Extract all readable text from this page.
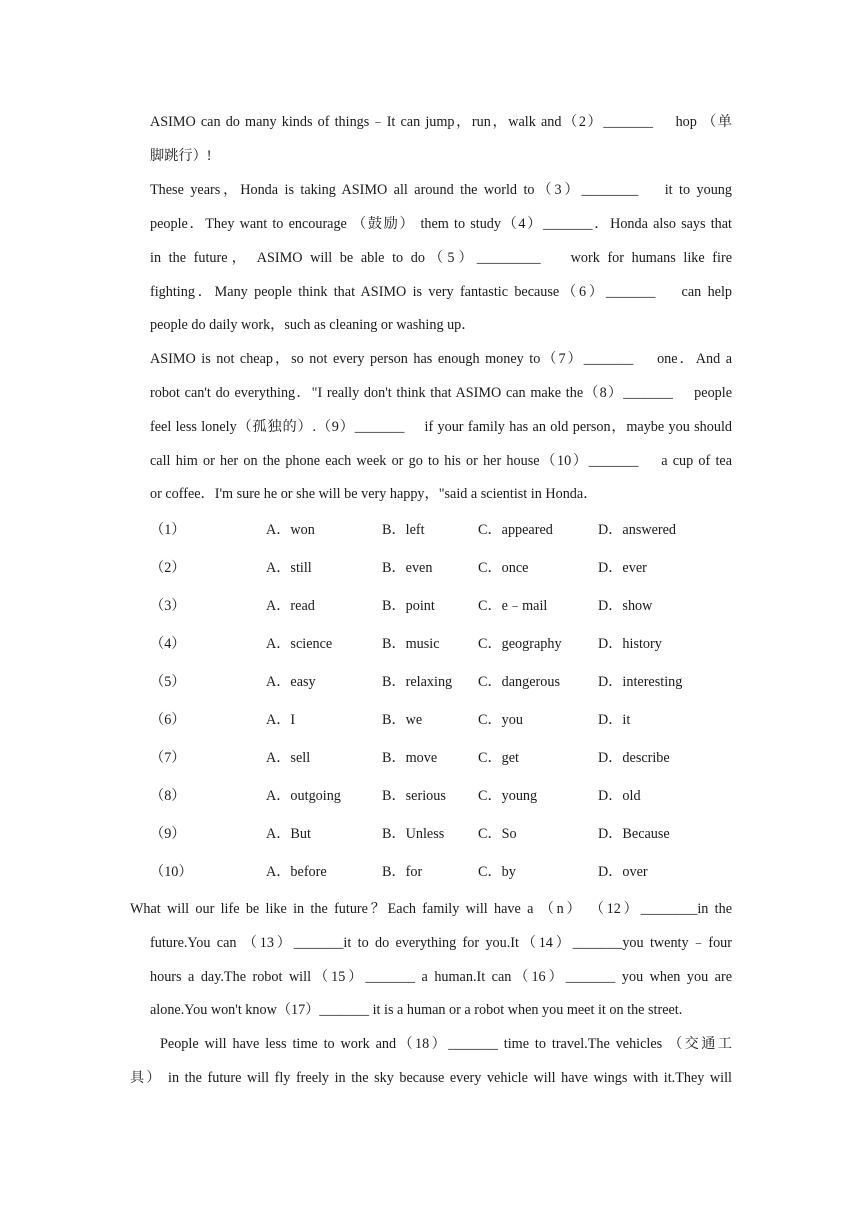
ASIMO can do many kinds of things﹣It can jump，run，walk and（2）_______　 hop （单
脚跳行）!
These years，Honda is taking ASIMO all around the world to（3）________　 it to young
people．They want to encourage （鼓励） them to study（4）_______．Honda also says that
in the future， ASIMO will be able to do（5）_________　 work for humans like fire
fighting．Many people think that ASIMO is very fantastic because（6）_______　 can help
people do daily work，such as cleaning or washing up．
ASIMO is not cheap，so not every person has enough money to（7）_______　 one．And a
robot can't do everything．"I really don't think that ASIMO can make the（8）_______　 people
feel less lonely（孤独的）.（9）_______　 if your family has an old person，maybe you should
call him or her on the phone each week or go to his or her house（10）_______　 a cup of tea
or coffee．I'm sure he or she will be very happy，"said a scientist in Honda．
（1）	A．won	B．left	C．appeared	D．answered
（2）	A．still	B．even	C．once	D．ever
（3）	A．read	B．point	C．e﹣mail	D．show
（4）	A．science	B．music	C．geography	D．history
（5）	A．easy	B．relaxing C．dangerous	D．interesting
（6）	A．I	B．we	C．you	D．it
（7）	A．sell	B．move	C．get	D．describe
（8）	A．outgoing	B．serious C．young	D．old
（9）	A．But	B．Unless C．So	D．Because
（10）	A．before	B．for	C．by	D．over
What will our life be like in the future？Each family will have a （n） （12）________in the
future.You can （13）_______it to do everything for you.It（14）_______you twenty﹣four
hours a day.The robot will（15）_______ a human.It can（16）_______ you when you are
alone.You won't know（17）_______ it is a human or a robot when you meet it on the street.
People will have less time to work and（18）_______ time to travel.The vehicles （交通工
具） in the future will fly freely in the sky because every vehicle will have wings with it.They will
